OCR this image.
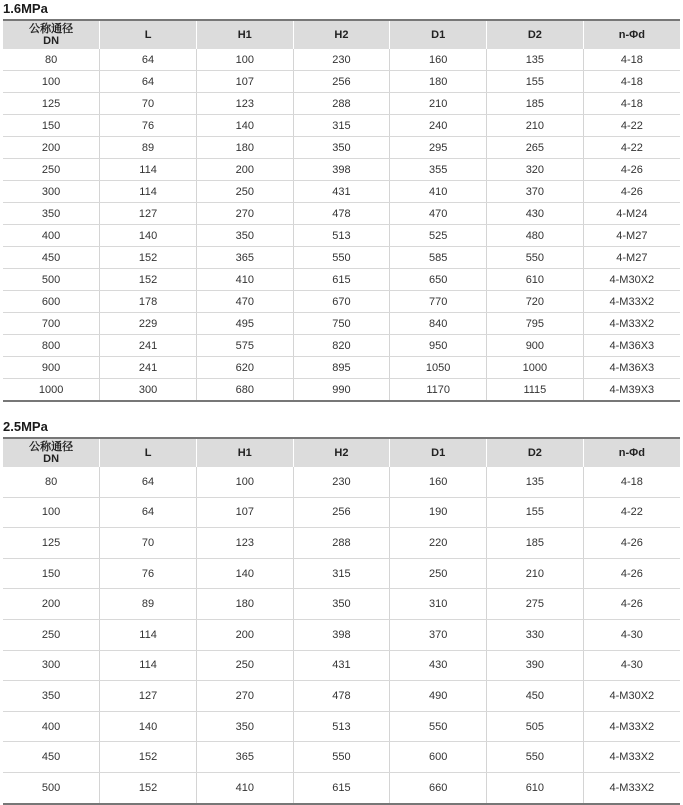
1.6MPa
公称通径
DN	L	H1	H2	D1	D2	n-Φd
80	64	100	230	160	135	4-18
100	64	107	256	180	155	4-18
125	70	123	288	210	185	4-18
150	76	140	315	240	210	4-22
200	89	180	350	295	265	4-22
250	114	200	398	355	320	4-26
300	114	250	431	410	370	4-26
350	127	270	478	470	430	4-M24
400	140	350	513	525	480	4-M27
450	152	365	550	585	550	4-M27
500	152	410	615	650	610	4-M30X2
600	178	470	670	770	720	4-M33X2
700	229	495	750	840	795	4-M33X2
800	241	575	820	950	900	4-M36X3
900	241	620	895	1050	1000	4-M36X3
1000	300	680	990	1170	1115	4-M39X3
2.5MPa
公称通径
DN	L	H1	H2	D1	D2	n-Φd
80	64	100	230	160	135	4-18
100	64	107	256	190	155	4-22
125	70	123	288	220	185	4-26
150	76	140	315	250	210	4-26
200	89	180	350	310	275	4-26
250	114	200	398	370	330	4-30
300	114	250	431	430	390	4-30
350	127	270	478	490	450	4-M30X2
400	140	350	513	550	505	4-M33X2
450	152	365	550	600	550	4-M33X2
500	152	410	615	660	610	4-M33X2
